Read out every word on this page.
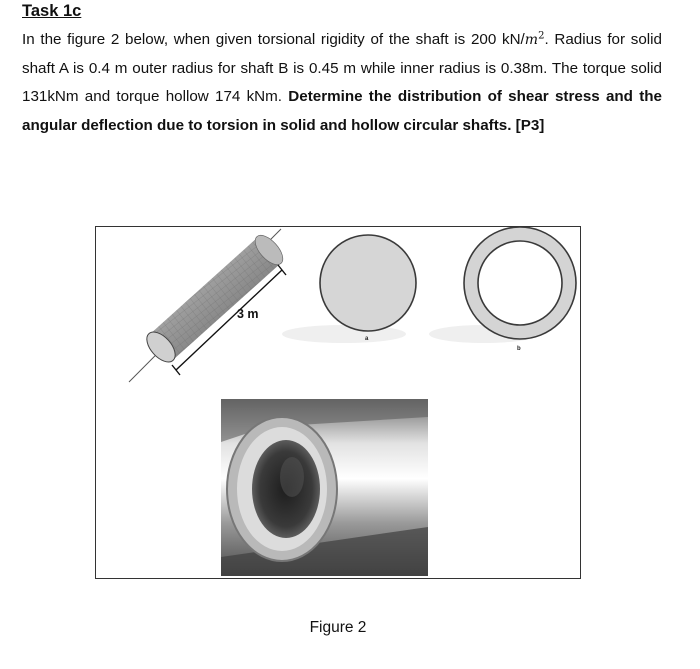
Task 1c

In the figure 2 below, when given torsional rigidity of the shaft is 200 $kN/m^2$. Radius for solid shaft A is 0.4 m outer radius for shaft B is 0.45 m while inner radius is 0.38m. The torque solid 131kNm and torque hollow 174 kNm. Determine the distribution of shear stress and the angular deflection due to torsion in solid and hollow circular shafts. [P3]

3 m
a
b
Figure 2
